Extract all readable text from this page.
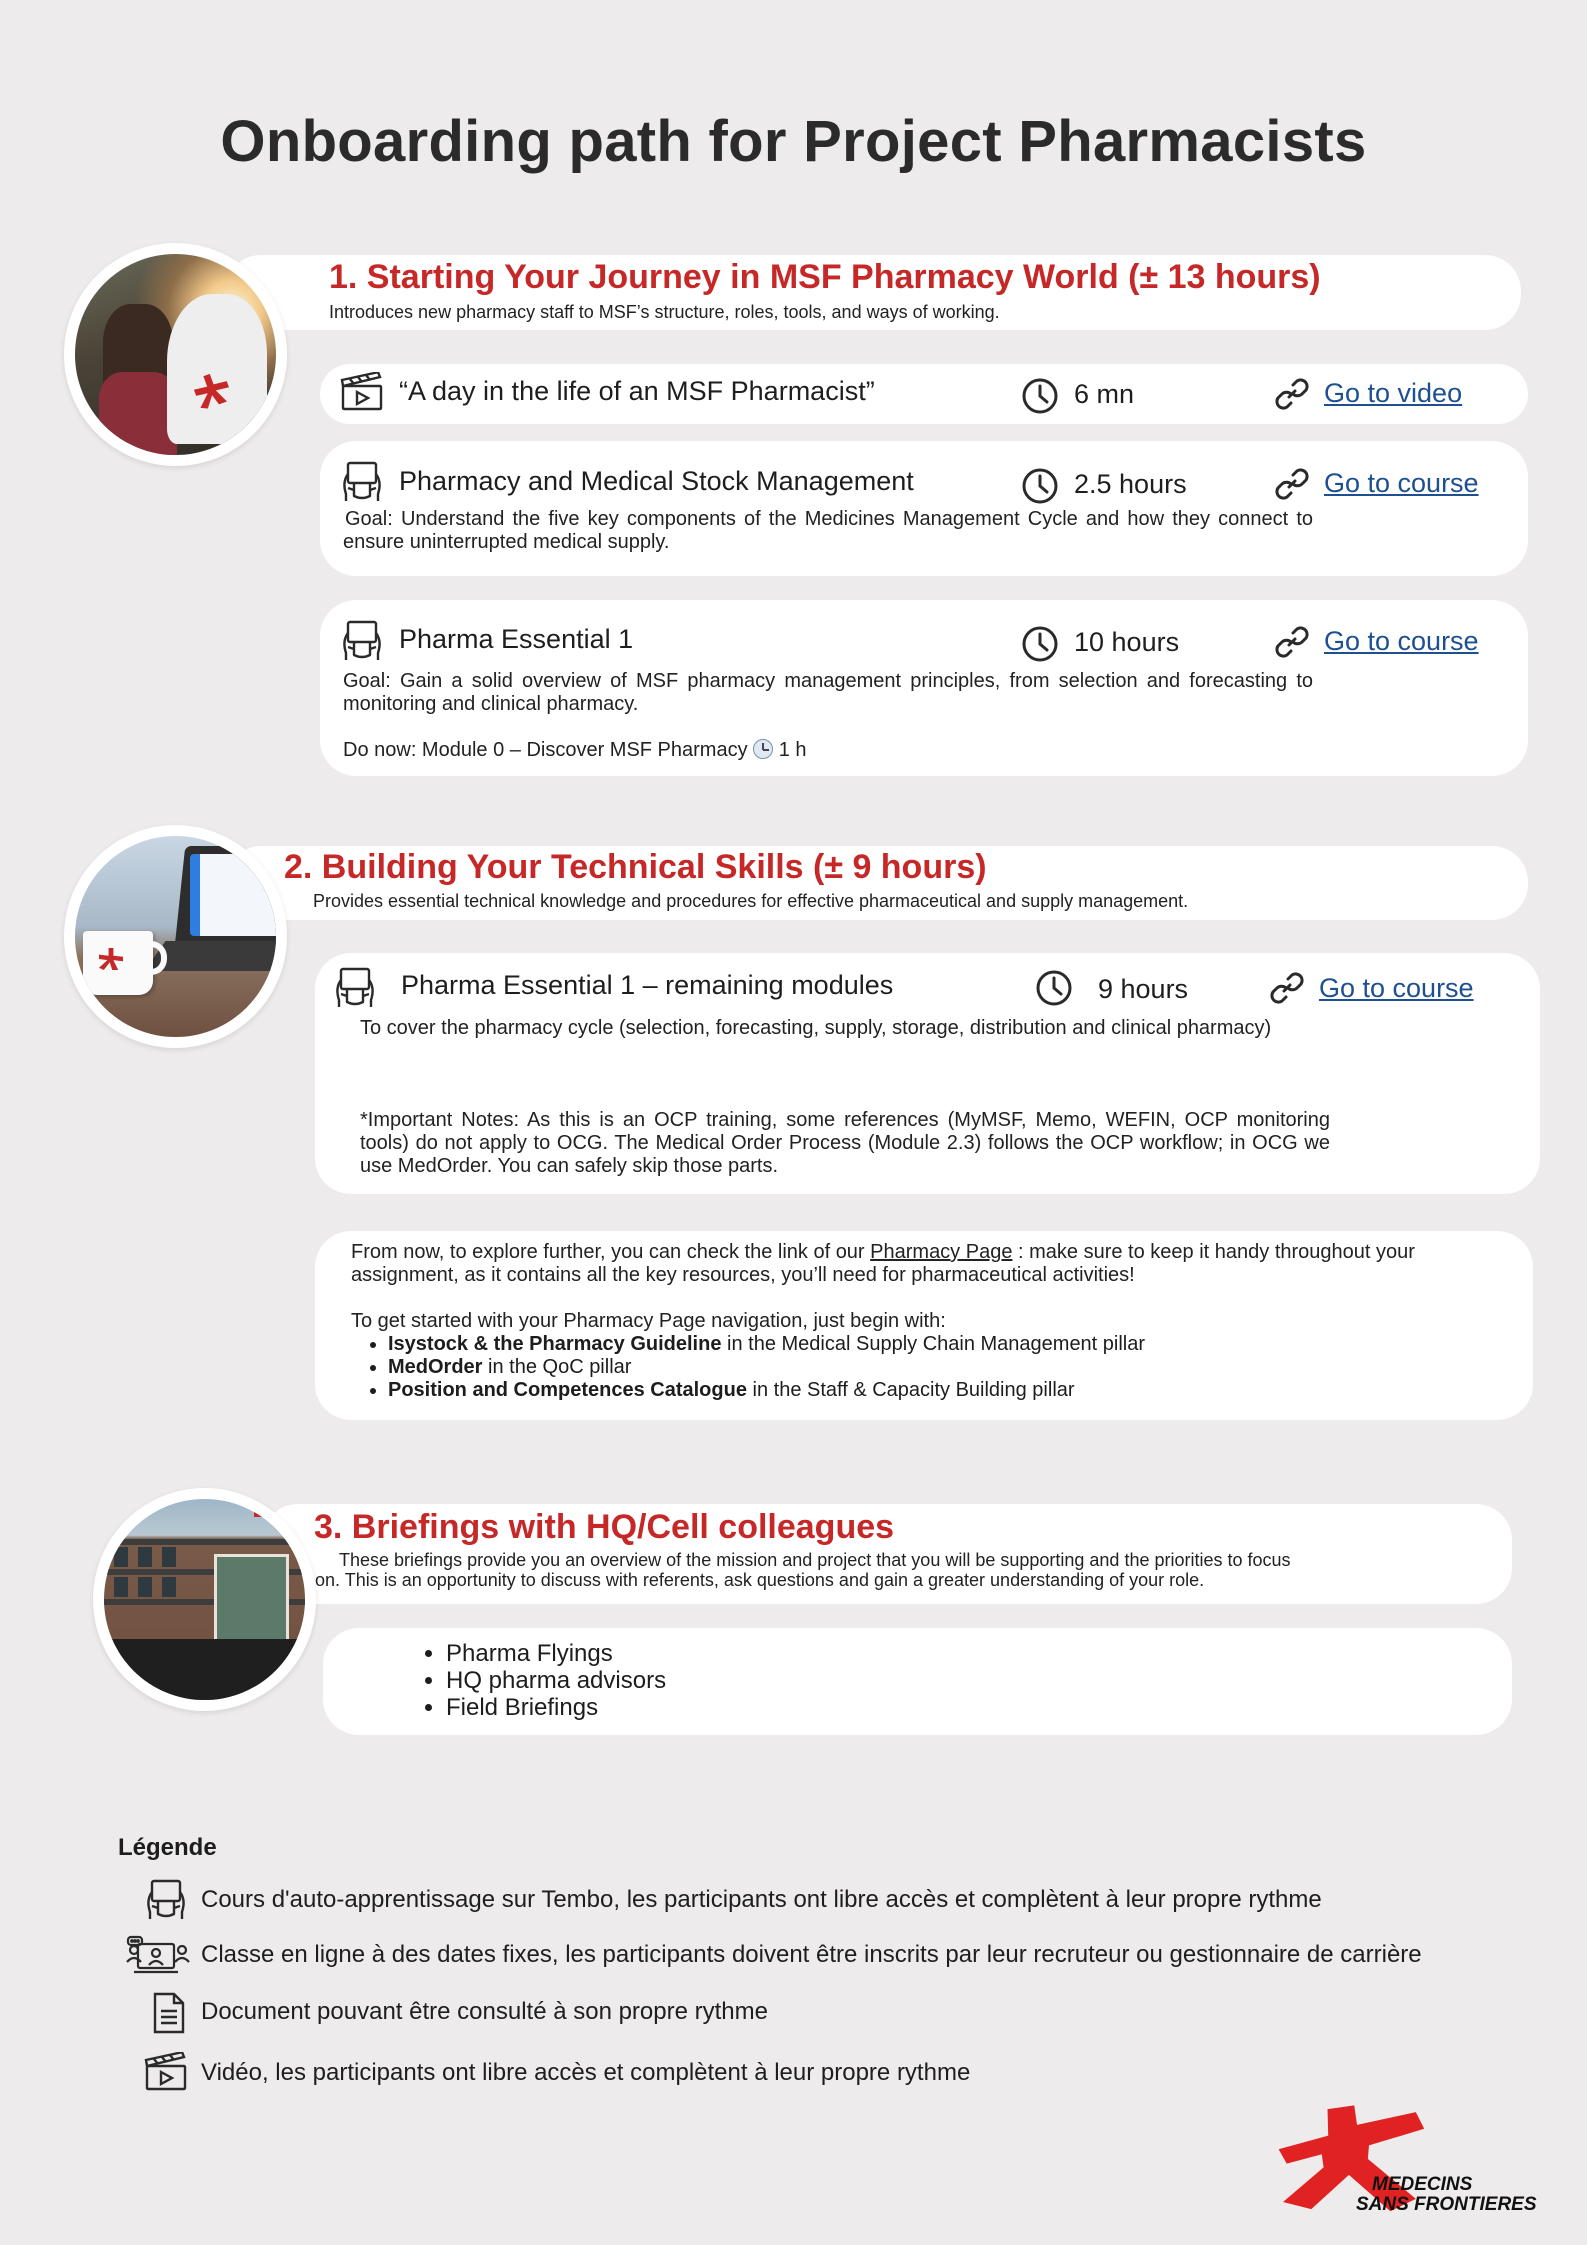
Onboarding path for Project Pharmacists
1. Starting Your Journey in MSF Pharmacy World (± 13 hours)
Introduces new pharmacy staff to MSF’s structure, roles, tools, and ways of working.
“A day in the life of an MSF Pharmacist”	6 mn	Go to video
Pharmacy and Medical Stock Management	2.5 hours	Go to course
Goal: Understand the five key components of the Medicines Management Cycle and how they connect to ensure uninterrupted medical supply.
Pharma Essential 1	10 hours	Go to course
Goal: Gain a solid overview of MSF pharmacy management principles, from selection and forecasting to monitoring and clinical pharmacy.
Do now: Module 0 – Discover MSF Pharmacy 1 h
2. Building Your Technical Skills (± 9 hours)
Provides essential technical knowledge and procedures for effective pharmaceutical and supply management.
Pharma Essential 1 – remaining modules	9 hours	Go to course
To cover the pharmacy cycle (selection, forecasting, supply, storage, distribution and clinical pharmacy)
*Important Notes: As this is an OCP training, some references (MyMSF, Memo, WEFIN, OCP monitoring tools) do not apply to OCG. The Medical Order Process (Module 2.3) follows the OCP workflow; in OCG we use MedOrder. You can safely skip those parts.
From now, to explore further, you can check the link of our Pharmacy Page : make sure to keep it handy throughout your assignment, as it contains all the key resources, you’ll need for pharmaceutical activities!
To get started with your Pharmacy Page navigation, just begin with:
• Isystock & the Pharmacy Guideline in the Medical Supply Chain Management pillar
• MedOrder in the QoC pillar
• Position and Competences Catalogue in the Staff & Capacity Building pillar
3. Briefings with HQ/Cell colleagues
These briefings provide you an overview of the mission and project that you will be supporting and the priorities to focus
on. This is an opportunity to discuss with referents, ask questions and gain a greater understanding of your role.
• Pharma Flyings
• HQ pharma advisors
• Field Briefings
Légende
Cours d'auto-apprentissage sur Tembo, les participants ont libre accès et complètent à leur propre rythme
Classe en ligne à des dates fixes, les participants doivent être inscrits par leur recruteur ou gestionnaire de carrière
Document pouvant être consulté à son propre rythme
Vidéo, les participants ont libre accès et complètent à leur propre rythme
MEDECINS
SANS FRONTIERES
